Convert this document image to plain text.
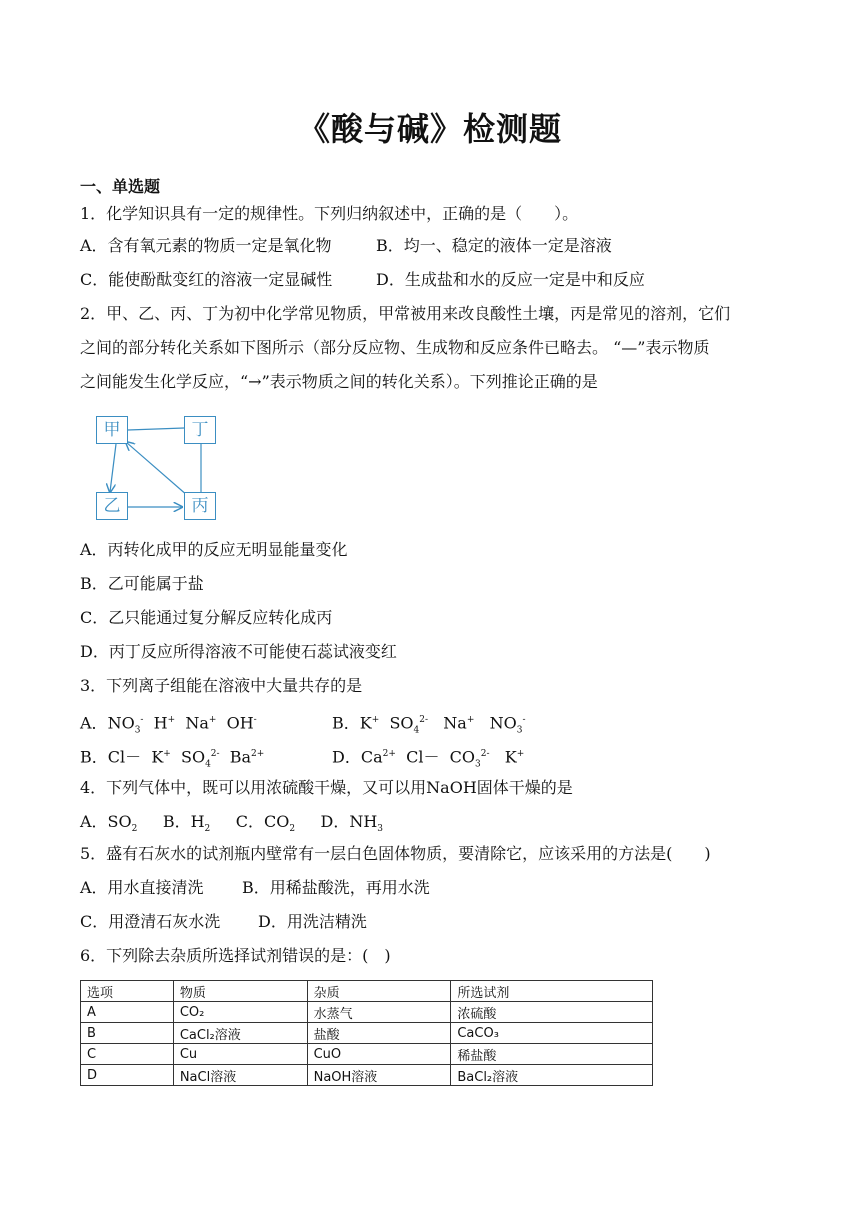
《酸与碱》检测题
一、单选题
1．化学知识具有一定的规律性。下列归纳叙述中，正确的是（　　）。
A．含有氧元素的物质一定是氧化物	B．均一、稳定的液体一定是溶液
C．能使酚酞变红的溶液一定显碱性	D．生成盐和水的反应一定是中和反应
2．甲、乙、丙、丁为初中化学常见物质，甲常被用来改良酸性土壤，丙是常见的溶剂，它们
之间的部分转化关系如下图所示（部分反应物、生成物和反应条件已略去。 “—”表示物质
之间能发生化学反应，“→”表示物质之间的转化关系）。下列推论正确的是
甲	丁
乙	丙
A．丙转化成甲的反应无明显能量变化
B．乙可能属于盐
C．乙只能通过复分解反应转化成丙
D．丙丁反应所得溶液不可能使石蕊试液变红
3．下列离子组能在溶液中大量共存的是
A．$NO_3^-$ H+ Na+ OH-	B．K+ $SO_4^{2-}$ Na+ $NO_3^-$
B．Cl－ K+ $SO_4^{2-}$ $Ba^{2+}$	D．$Ca^{2+}$ $Cl- CO_3^{2-}$ K+
4．下列气体中，既可以用浓硫酸干燥，又可以用NaOH固体干燥的是
A．$SO_2$ B．$H_2$ C．$CO_2$ D．$NH_3$
5．盛有石灰水的试剂瓶内壁常有一层白色固体物质，要清除它，应该采用的方法是(　　)
A．用水直接清洗 B．用稀盐酸洗，再用水洗
C．用澄清石灰水洗 D．用洗洁精洗
6．下列除去杂质所选择试剂错误的是：(　)
选项	物质	杂质	所选试剂
A	CO₂	水蒸气	浓硫酸
B	CaCl₂溶液	盐酸	CaCO₃
C	Cu	CuO	稀盐酸
D	NaCl溶液	NaOH溶液	BaCl₂溶液
